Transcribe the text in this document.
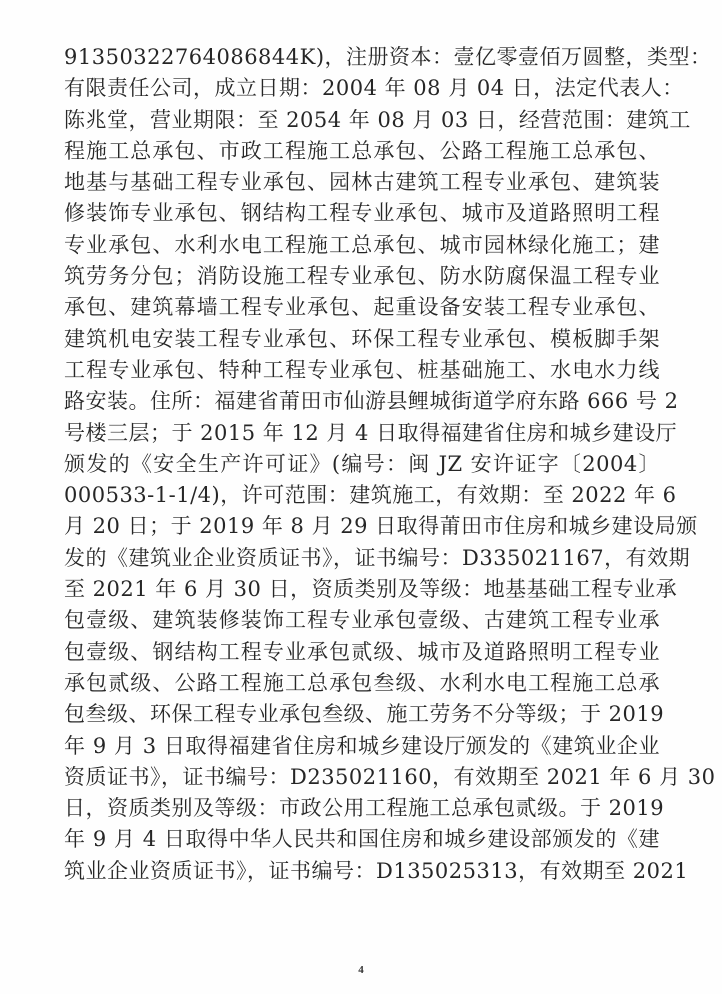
91350322764086844K)，注册资本：壹亿零壹佰万圆整，类型：
有限责任公司，成立日期：2004 年 08 月 04 日，法定代表人：
陈兆堂，营业期限：至 2054 年 08 月 03 日，经营范围：建筑工
程施工总承包、市政工程施工总承包、公路工程施工总承包、
地基与基础工程专业承包、园林古建筑工程专业承包、建筑装
修装饰专业承包、钢结构工程专业承包、城市及道路照明工程
专业承包、水利水电工程施工总承包、城市园林绿化施工；建
筑劳务分包；消防设施工程专业承包、防水防腐保温工程专业
承包、建筑幕墙工程专业承包、起重设备安装工程专业承包、
建筑机电安装工程专业承包、环保工程专业承包、模板脚手架
工程专业承包、特种工程专业承包、桩基础施工、水电水力线
路安装。住所：福建省莆田市仙游县鲤城街道学府东路 666 号 2
号楼三层；于 2015 年 12 月 4 日取得福建省住房和城乡建设厅
颁发的《安全生产许可证》(编号：闽 JZ 安许证字〔2004〕
000533-1-1/4)，许可范围：建筑施工，有效期：至 2022 年 6
月 20 日；于 2019 年 8 月 29 日取得莆田市住房和城乡建设局颁
发的《建筑业企业资质证书》，证书编号：D335021167，有效期
至 2021 年 6 月 30 日，资质类别及等级：地基基础工程专业承
包壹级、建筑装修装饰工程专业承包壹级、古建筑工程专业承
包壹级、钢结构工程专业承包贰级、城市及道路照明工程专业
承包贰级、公路工程施工总承包叁级、水利水电工程施工总承
包叁级、环保工程专业承包叁级、施工劳务不分等级；于 2019
年 9 月 3 日取得福建省住房和城乡建设厅颁发的《建筑业企业
资质证书》，证书编号：D235021160，有效期至 2021 年 6 月 30
日，资质类别及等级：市政公用工程施工总承包贰级。于 2019
年 9 月 4 日取得中华人民共和国住房和城乡建设部颁发的《建
筑业企业资质证书》，证书编号：D135025313，有效期至 2021
4
